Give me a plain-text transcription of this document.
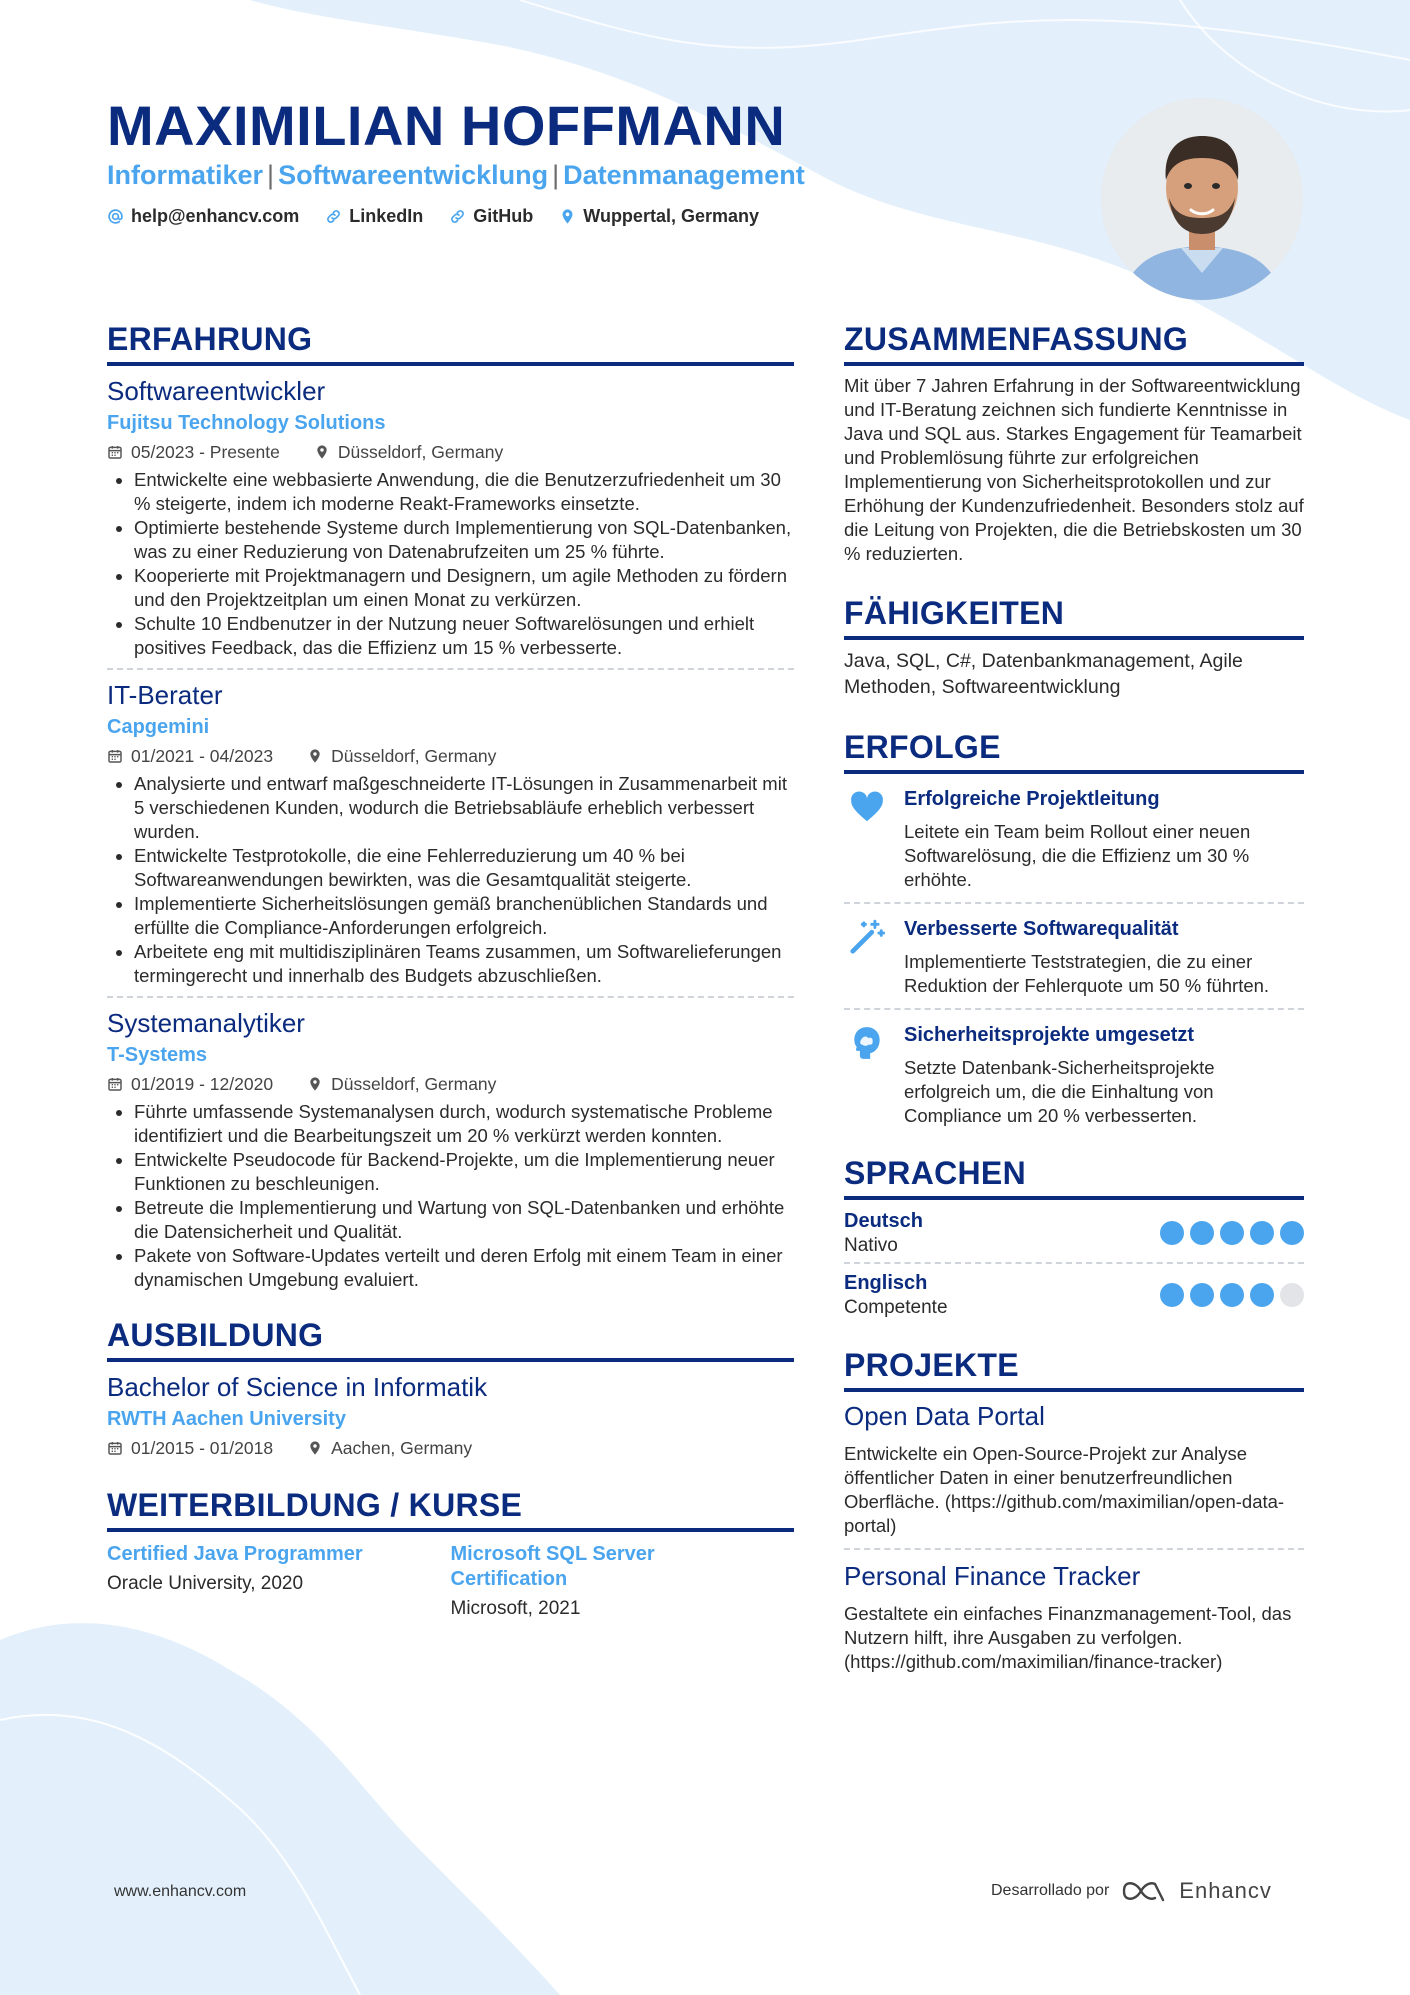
MAXIMILIAN HOFFMANN
Informatiker | Softwareentwicklung | Datenmanagement
help@enhancv.com	LinkedIn	GitHub	Wuppertal, Germany
ERFAHRUNG
Softwareentwickler
Fujitsu Technology Solutions
05/2023 - Presente	Düsseldorf, Germany
• Entwickelte eine webbasierte Anwendung, die die Benutzerzufriedenheit um 30 % steigerte, indem ich moderne Reakt-Frameworks einsetzte.
• Optimierte bestehende Systeme durch Implementierung von SQL-Datenbanken, was zu einer Reduzierung von Datenabrufzeiten um 25 % führte.
• Kooperierte mit Projektmanagern und Designern, um agile Methoden zu fördern und den Projektzeitplan um einen Monat zu verkürzen.
• Schulte 10 Endbenutzer in der Nutzung neuer Softwarelösungen und erhielt positives Feedback, das die Effizienz um 15 % verbesserte.
IT-Berater
Capgemini
01/2021 - 04/2023	Düsseldorf, Germany
• Analysierte und entwarf maßgeschneiderte IT-Lösungen in Zusammenarbeit mit 5 verschiedenen Kunden, wodurch die Betriebsabläufe erheblich verbessert wurden.
• Entwickelte Testprotokolle, die eine Fehlerreduzierung um 40 % bei Softwareanwendungen bewirkten, was die Gesamtqualität steigerte.
• Implementierte Sicherheitslösungen gemäß branchenüblichen Standards und erfüllte die Compliance-Anforderungen erfolgreich.
• Arbeitete eng mit multidisziplinären Teams zusammen, um Softwarelieferungen termingerecht und innerhalb des Budgets abzuschließen.
Systemanalytiker
T-Systems
01/2019 - 12/2020	Düsseldorf, Germany
• Führte umfassende Systemanalysen durch, wodurch systematische Probleme identifiziert und die Bearbeitungszeit um 20 % verkürzt werden konnten.
• Entwickelte Pseudocode für Backend-Projekte, um die Implementierung neuer Funktionen zu beschleunigen.
• Betreute die Implementierung und Wartung von SQL-Datenbanken und erhöhte die Datensicherheit und Qualität.
• Pakete von Software-Updates verteilt und deren Erfolg mit einem Team in einer dynamischen Umgebung evaluiert.
AUSBILDUNG
Bachelor of Science in Informatik
RWTH Aachen University
01/2015 - 01/2018	Aachen, Germany
WEITERBILDUNG / KURSE
Certified Java Programmer
Oracle University, 2020
Microsoft SQL Server Certification
Microsoft, 2021
ZUSAMMENFASSUNG

Mit über 7 Jahren Erfahrung in der Softwareentwicklung und IT-Beratung zeichnen sich fundierte Kenntnisse in Java und SQL aus. Starkes Engagement für Teamarbeit und Problemlösung führte zur erfolgreichen Implementierung von Sicherheitsprotokollen und zur Erhöhung der Kundenzufriedenheit. Besonders stolz auf die Leitung von Projekten, die die Betriebskosten um 30 % reduzierten.

FÄHIGKEITEN

Java, SQL, C#, Datenbankmanagement, Agile Methoden, Softwareentwicklung

ERFOLGE
Erfolgreiche Projektleitung
Leitete ein Team beim Rollout einer neuen Softwarelösung, die die Effizienz um 30 % erhöhte.
Verbesserte Softwarequalität
Implementierte Teststrategien, die zu einer Reduktion der Fehlerquote um 50 % führten.
Sicherheitsprojekte umgesetzt
Setzte Datenbank-Sicherheitsprojekte erfolgreich um, die die Einhaltung von Compliance um 20 % verbesserten.
SPRACHEN
Deutsch
Nativo
Englisch
Competente
PROJEKTE
Open Data Portal

Entwickelte ein Open-Source-Projekt zur Analyse öffentlicher Daten in einer benutzerfreundlichen Oberfläche. (https://github.com/maximilian/open-data-portal)

Personal Finance Tracker

Gestaltete ein einfaches Finanzmanagement-Tool, das Nutzern hilft, ihre Ausgaben zu verfolgen. (https://github.com/maximilian/finance-tracker)

www.enhancv.com	Desarrollado por	Enhancv
